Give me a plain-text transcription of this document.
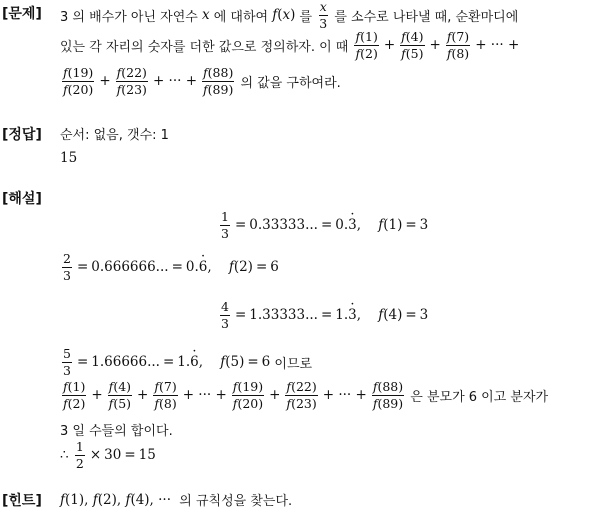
[문제] 3 의 배수가 아닌 자연수 x 에 대하여 f ( x ) 를 $\frac{x}{3}$ 를 소수로 나타낼 때, 순환마디에
있는 각 자리의 숫자를 더한 값으로 정의하자. 이 때 $\frac{f(1)}{f(2)} + \frac{f(4)}{f(5)} + \frac{f(7)}{f(8)}$ + ··· +
$\frac{f(19)}{f(20)} + \frac{f(22)}{f(23)}$ + ··· + $\frac{f(88)}{f(89)}$ 의 값을 구하여라.
[정답] 순서: 없음, 갯수: 1
15
[해설]
$\frac{1}{3} = 0.33333$... = 0. · 3 , f (1) = 3
$\frac{2}{3} = 0.666666$... = 0. · 6 , f (2) = 6
$\frac{4}{3} = 1.33333$... = 1. · 3 , f (4) = 3
$\frac{5}{3} = 1.66666$... = 1. · 6 , f (5) = 6 이므로
$\frac{f(1)}{f(2)} + \frac{f(4)}{f(5)} + \frac{f(7)}{f(8)}$ + ··· + $\frac{f(19)}{f(20)} + \frac{f(22)}{f(23)}$ + ··· + $\frac{f(88)}{f(89)}$ 은 분모가 6 이고 분자가
3 일 수들의 합이다.
∴ $\frac{1}{2} \times 30 = 15$
[힌트] f (1), f (2), f (4), ··· 의 규칙성을 찾는다.
